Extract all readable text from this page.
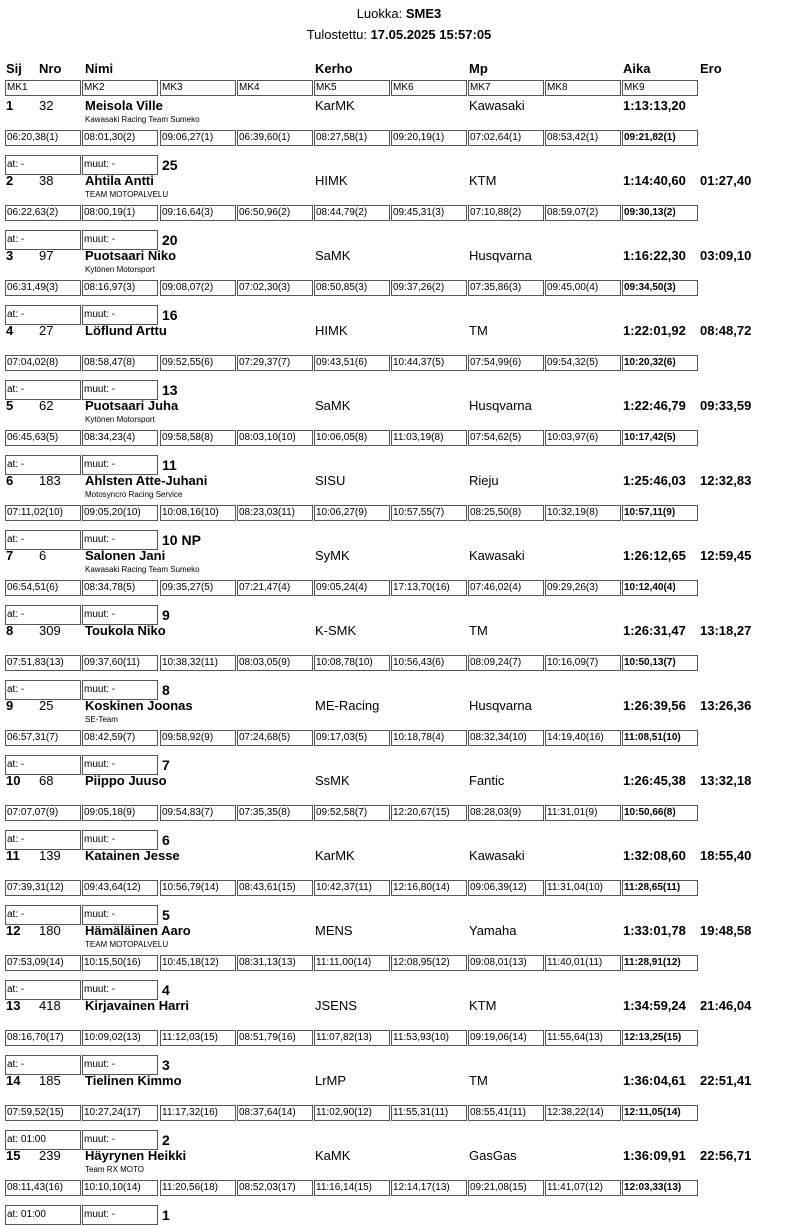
Luokka: SME3
Tulostettu: 17.05.2025 15:57:05
Sij Nro Nimi	Kerho	Mp	Aika	Ero
MK1	MK2	MK3	MK4	MK5	MK6	MK7	MK8	MK9
1 32 Meisola Ville	KarMK	Kawasaki	1:13:13,20
Kawasaki Racing Team Sumeko
06:20,38(1)	08:01,30(2)	09:06,27(1)	06:39,60(1)	08:27,58(1)	09:20,19(1)	07:02,64(1)	08:53,42(1)	09:21,82(1)
at: -	muut: -	25
2 38 Ahtila Antti	HIMK	KTM	1:14:40,60 01:27,40
TEAM MOTOPALVELU
06:22,63(2)	08:00,19(1)	09:16,64(3)	06:50,96(2)	08:44,79(2)	09:45,31(3)	07:10,88(2)	08:59,07(2)	09:30,13(2)
at: -	muut: -	20
3 97 Puotsaari Niko	SaMK	Husqvarna	1:16:22,30 03:09,10
Kytönen Motorsport
06:31,49(3)	08:16,97(3)	09:08,07(2)	07:02,30(3)	08:50,85(3)	09:37,26(2)	07:35,86(3)	09:45,00(4)	09:34,50(3)
at: -	muut: -	16
4 27 Löflund Arttu	HIMK	TM	1:22:01,92 08:48,72
07:04,02(8)	08:58,47(8)	09:52,55(6)	07:29,37(7)	09:43,51(6)	10:44,37(5)	07:54,99(6)	09:54,32(5)	10:20,32(6)
at: -	muut: -	13
5 62 Puotsaari Juha	SaMK	Husqvarna	1:22:46,79 09:33,59
Kytönen Motorsport
06:45,63(5)	08:34,23(4)	09:58,58(8)	08:03,10(10)	10:06,05(8)	11:03,19(8)	07:54,62(5)	10:03,97(6)	10:17,42(5)
at: -	muut: -	11
6 183 Ahlsten Atte-Juhani	SISU	Rieju	1:25:46,03 12:32,83
Motosyncro Racing Service
07:11,02(10)	09:05,20(10)	10:08,16(10)	08:23,03(11)	10:06,27(9)	10:57,55(7)	08:25,50(8)	10:32,19(8)	10:57,11(9)
at: -	muut: -	10 NP
7 6	Salonen Jani	SyMK	Kawasaki	1:26:12,65 12:59,45
Kawasaki Racing Team Sumeko
06:54,51(6)	08:34,78(5)	09:35,27(5)	07:21,47(4)	09:05,24(4)	17:13,70(16)	07:46,02(4)	09:29,26(3)	10:12,40(4)
at: -	muut: -	9
8 309 Toukola Niko	K-SMK	TM	1:26:31,47 13:18,27
07:51,83(13)	09:37,60(11)	10:38,32(11)	08:03,05(9)	10:08,78(10)	10:56,43(6)	08:09,24(7)	10:16,09(7)	10:50,13(7)
at: -	muut: -	8
9 25 Koskinen Joonas	ME-Racing	Husqvarna	1:26:39,56 13:26,36
SE-Team
06:57,31(7)	08:42,59(7)	09:58,92(9)	07:24,68(5)	09:17,03(5)	10:18,78(4)	08:32,34(10)	14:19,40(16)	11:08,51(10)
at: -	muut: -	7
10 68 Piippo Juuso	SsMK	Fantic	1:26:45,38 13:32,18
07:07,07(9)	09:05,18(9)	09:54,83(7)	07:35,35(8)	09:52,58(7)	12:20,67(15)	08:28,03(9)	11:31,01(9)	10:50,66(8)
at: -	muut: -	6
11 139 Katainen Jesse	KarMK	Kawasaki	1:32:08,60 18:55,40
07:39,31(12)	09:43,64(12)	10:56,79(14)	08:43,61(15)	10:42,37(11)	12:16,80(14)	09:06,39(12)	11:31,04(10)	11:28,65(11)
at: -	muut: -	5
12 180 Hämäläinen Aaro	MENS	Yamaha	1:33:01,78 19:48,58
TEAM MOTOPALVELU
07:53,09(14)	10:15,50(16)	10:45,18(12)	08:31,13(13)	11:11,00(14)	12:08,95(12)	09:08,01(13)	11:40,01(11)	11:28,91(12)
at: -	muut: -	4
13 418 Kirjavainen Harri	JSENS	KTM	1:34:59,24 21:46,04
08:16,70(17)	10:09,02(13)	11:12,03(15)	08:51,79(16)	11:07,82(13)	11:53,93(10)	09:19,06(14)	11:55,64(13)	12:13,25(15)
at: -	muut: -	3
14 185 Tielinen Kimmo	LrMP	TM	1:36:04,61 22:51,41
07:59,52(15)	10:27,24(17)	11:17,32(16)	08:37,64(14)	11:02,90(12)	11:55,31(11)	08:55,41(11)	12:38,22(14)	12:11,05(14)
at: 01:00	muut: -	2
15 239 Häyrynen Heikki	KaMK	GasGas	1:36:09,91 22:56,71
Team RX MOTO
08:11,43(16)	10:10,10(14)	11:20,56(18)	08:52,03(17)	11:16,14(15)	12:14,17(13)	09:21,08(15)	11:41,07(12)	12:03,33(13)
at: 01:00	muut: -	1
